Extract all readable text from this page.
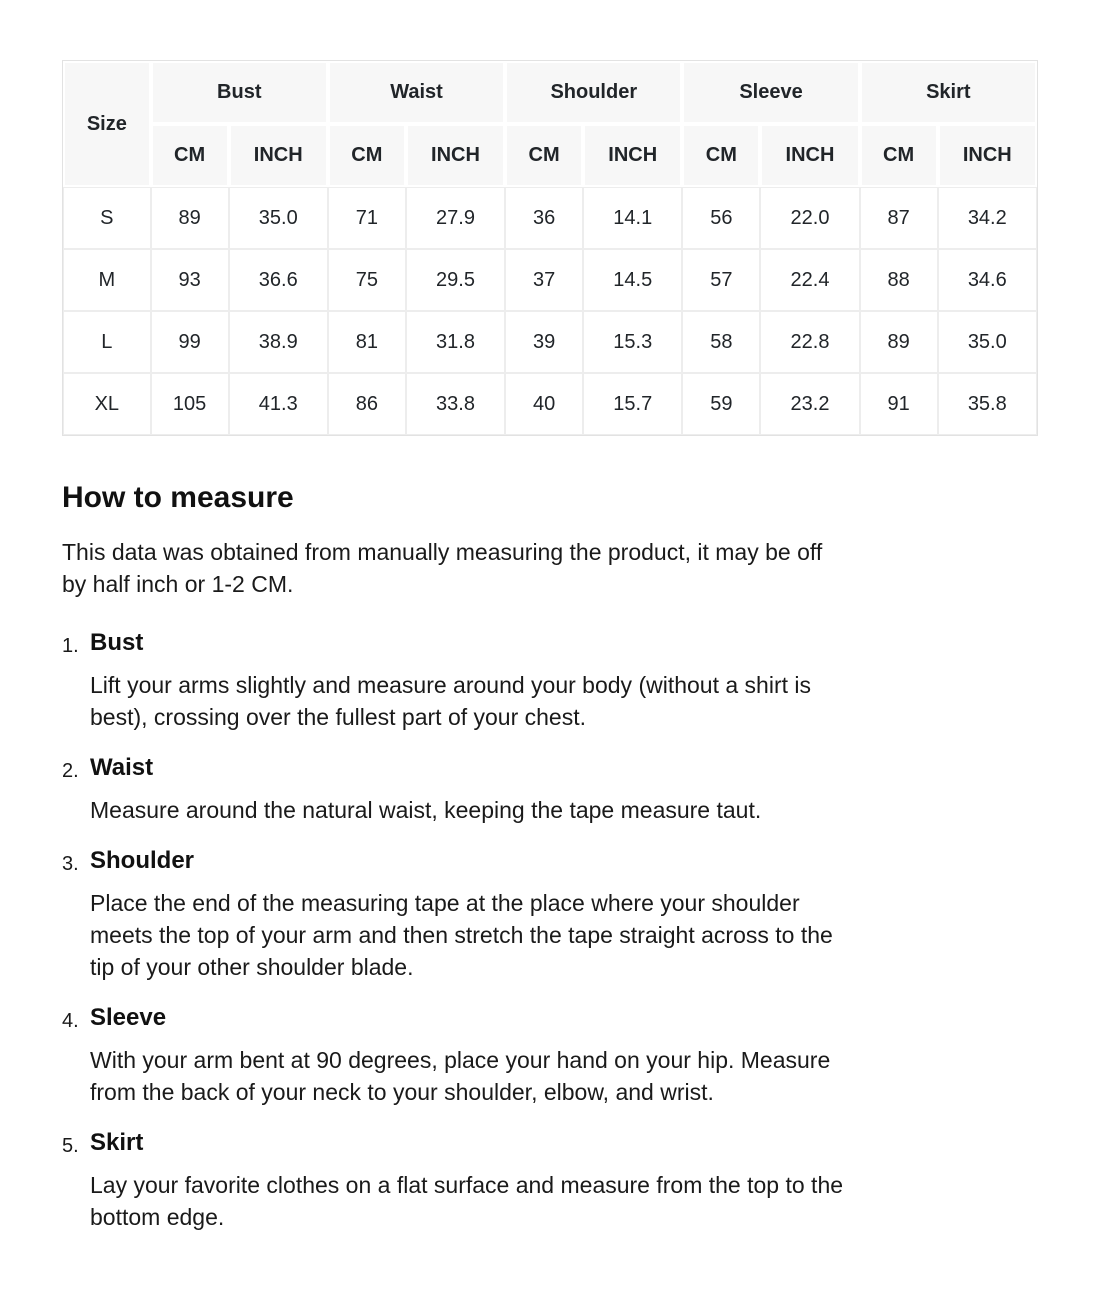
Size	Bust		Waist		Shoulder		Sleeve		Skirt	
	CM	INCH	CM	INCH	CM	INCH	CM	INCH	CM	INCH
S	89	35.0	71	27.9	36	14.1	56	22.0	87	34.2
M	93	36.6	75	29.5	37	14.5	57	22.4	88	34.6
L	99	38.9	81	31.8	39	15.3	58	22.8	89	35.0
XL	105	41.3	86	33.8	40	15.7	59	23.2	91	35.8
How to measure

This data was obtained from manually measuring the product, it may be off
by half inch or 1-2 CM.

1. Bust

Lift your arms slightly and measure around your body (without a shirt is
best), crossing over the fullest part of your chest.

2. Waist

Measure around the natural waist, keeping the tape measure taut.

3. Shoulder

Place the end of the measuring tape at the place where your shoulder
meets the top of your arm and then stretch the tape straight across to the
tip of your other shoulder blade.

4. Sleeve

With your arm bent at 90 degrees, place your hand on your hip. Measure
from the back of your neck to your shoulder, elbow, and wrist.

5. Skirt

Lay your favorite clothes on a flat surface and measure from the top to the
bottom edge.
